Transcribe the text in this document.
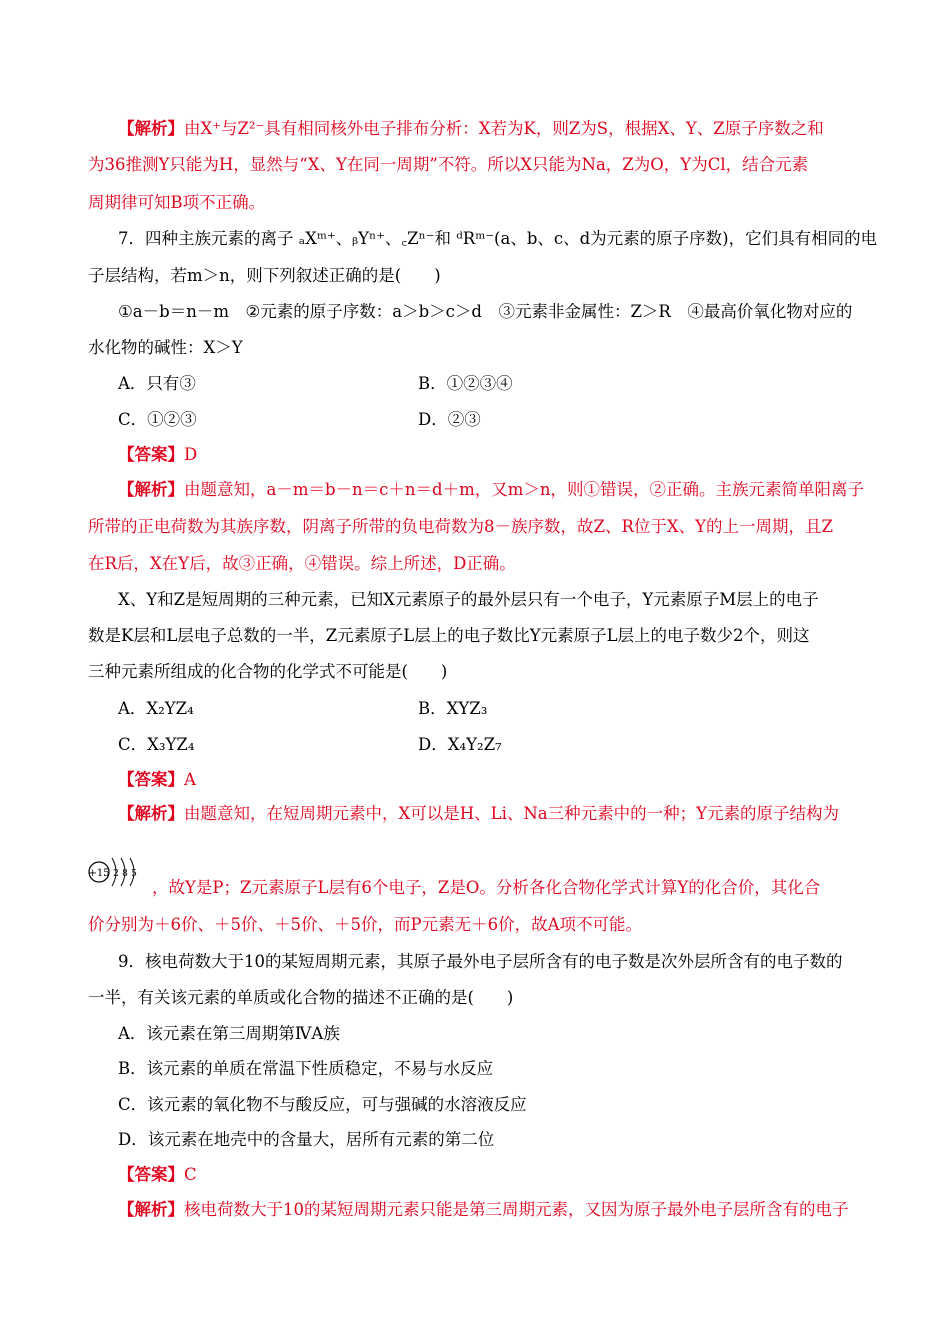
【解析】由X⁺与Z²⁻具有相同核外电子排布分析：X若为K，则Z为S，根据X、Y、Z原子序数之和
为36推测Y只能为H，显然与“X、Y在同一周期”不符。所以X只能为Na，Z为O，Y为Cl，结合元素
周期律可知B项不正确。
7．四种主族元素的离子 ₐXᵐ⁺、ᵦYⁿ⁺、꜀Zⁿ⁻和 ᵈRᵐ⁻(a、b、c、d为元素的原子序数)，它们具有相同的电
子层结构，若m＞n，则下列叙述正确的是(　　)
①a－b＝n－m　②元素的原子序数：a＞b＞c＞d　③元素非金属性：Z＞R　④最高价氧化物对应的
水化物的碱性：X＞Y
A．只有③	B．①②③④
C．①②③	D．②③
【答案】D
【解析】由题意知，a－m＝b－n＝c＋n＝d＋m，又m＞n，则①错误，②正确。主族元素简单阳离子
所带的正电荷数为其族序数，阴离子所带的负电荷数为8－族序数，故Z、R位于X、Y的上一周期，且Z
在R后，X在Y后，故③正确，④错误。综上所述，D正确。
X、Y和Z是短周期的三种元素，已知X元素原子的最外层只有一个电子，Y元素原子M层上的电子
数是K层和L层电子总数的一半，Z元素原子L层上的电子数比Y元素原子L层上的电子数少2个，则这
三种元素所组成的化合物的化学式不可能是(　　)
A．X₂YZ₄	B．XYZ₃
C．X₃YZ₄	D．X₄Y₂Z₇
【答案】A
【解析】由题意知，在短周期元素中，X可以是H、Li、Na三种元素中的一种；Y元素的原子结构为
+15 2 8 5
，故Y是P；Z元素原子L层有6个电子，Z是O。分析各化合物化学式计算Y的化合价，其化合
价分别为＋6价、＋5价、＋5价、＋5价，而P元素无＋6价，故A项不可能。
9．核电荷数大于10的某短周期元素，其原子最外电子层所含有的电子数是次外层所含有的电子数的
一半，有关该元素的单质或化合物的描述不正确的是(　　)
A．该元素在第三周期第ⅣA族
B．该元素的单质在常温下性质稳定，不易与水反应
C．该元素的氧化物不与酸反应，可与强碱的水溶液反应
D．该元素在地壳中的含量大，居所有元素的第二位
【答案】C
【解析】核电荷数大于10的某短周期元素只能是第三周期元素，又因为原子最外电子层所含有的电子
